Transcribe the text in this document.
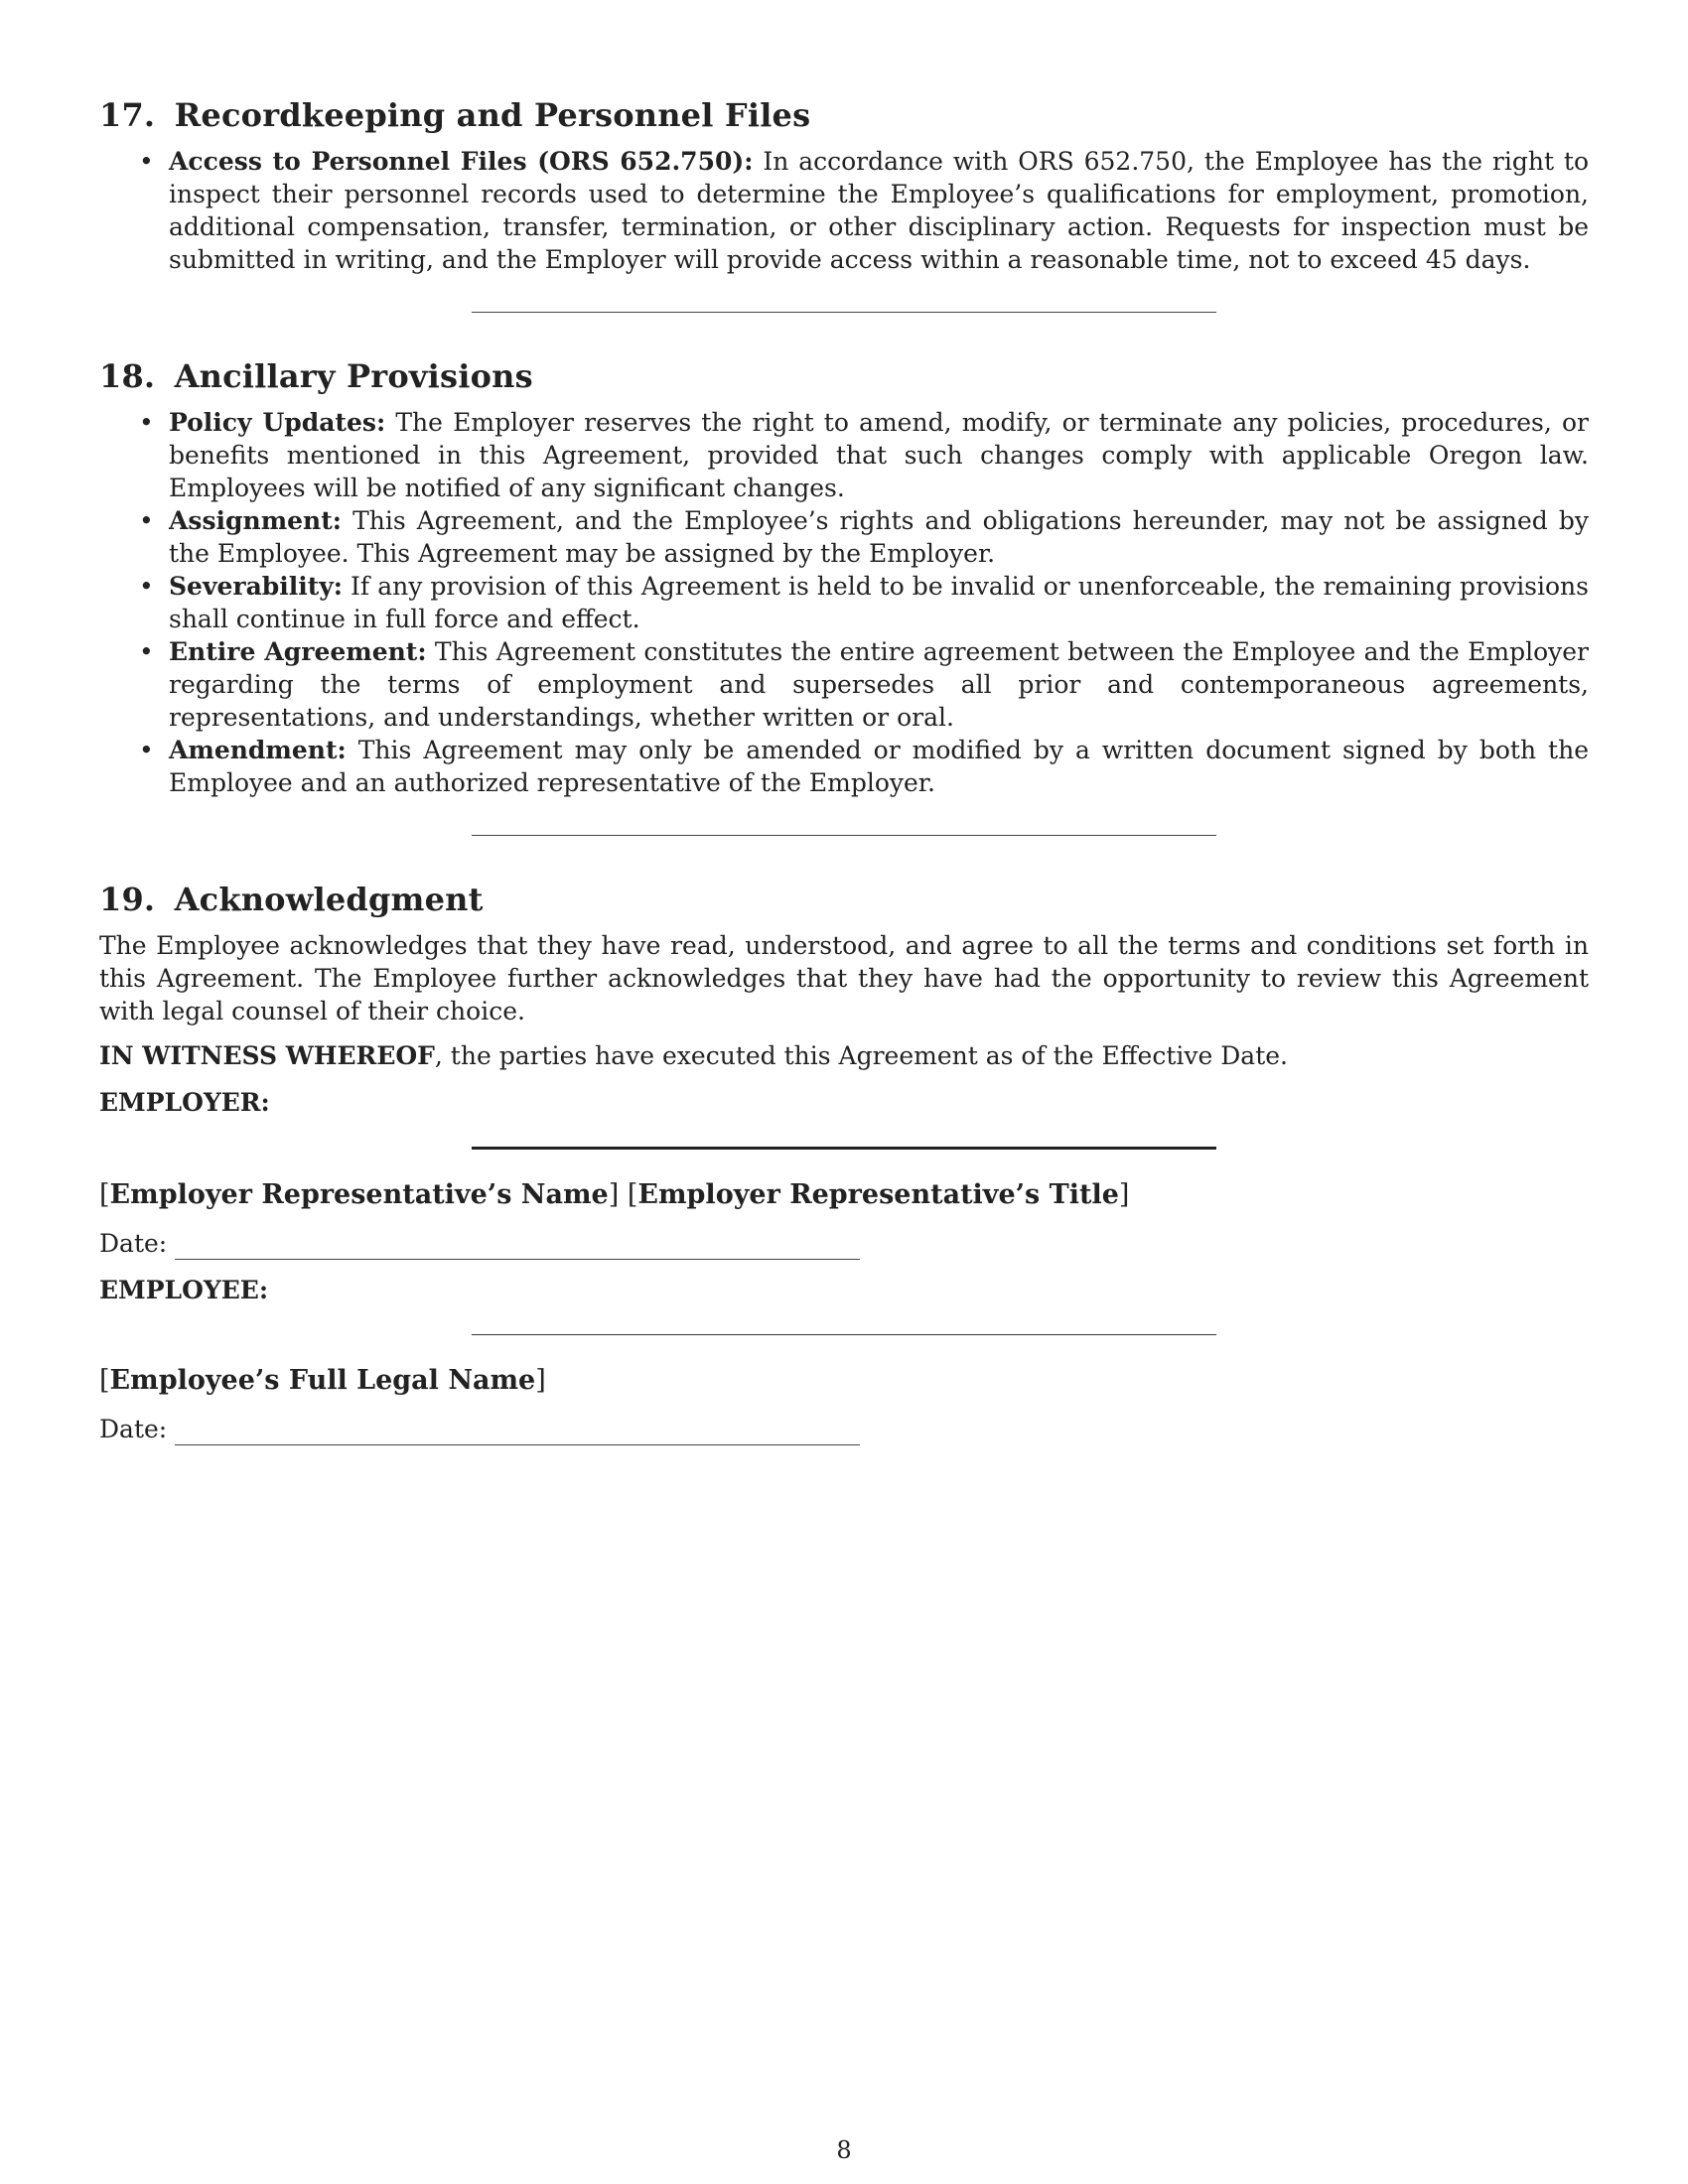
17. Recordkeeping and Personnel Files
• Access to Personnel Files (ORS 652.750): In accordance with ORS 652.750, the Employee has the right to inspect their personnel records used to determine the Employee’s qualifications for employment, promotion, additional compensation, transfer, termination, or other disciplinary action. Requests for inspection must be submitted in writing, and the Employer will provide access within a reasonable time, not to exceed 45 days.
18. Ancillary Provisions
• Policy Updates: The Employer reserves the right to amend, modify, or terminate any policies, procedures, or benefits mentioned in this Agreement, provided that such changes comply with applicable Oregon law. Employees will be notified of any significant changes.
• Assignment: This Agreement, and the Employee’s rights and obligations hereunder, may not be assigned by the Employee. This Agreement may be assigned by the Employer.
• Severability: If any provision of this Agreement is held to be invalid or unenforceable, the remaining provisions shall continue in full force and effect.
• Entire Agreement: This Agreement constitutes the entire agreement between the Employee and the Employer regarding the terms of employment and supersedes all prior and contemporaneous agreements, representations, and understandings, whether written or oral.
• Amendment: This Agreement may only be amended or modified by a written document signed by both the Employee and an authorized representative of the Employer.
19. Acknowledgment

The Employee acknowledges that they have read, understood, and agree to all the terms and conditions set forth in this Agreement. The Employee further acknowledges that they have had the opportunity to review this Agreement with legal counsel of their choice.

IN WITNESS WHEREOF, the parties have executed this Agreement as of the Effective Date.

EMPLOYER:
[Employer Representative’s Name] [Employer Representative’s Title]
Date:
EMPLOYEE:
[Employee’s Full Legal Name]
Date:
8
